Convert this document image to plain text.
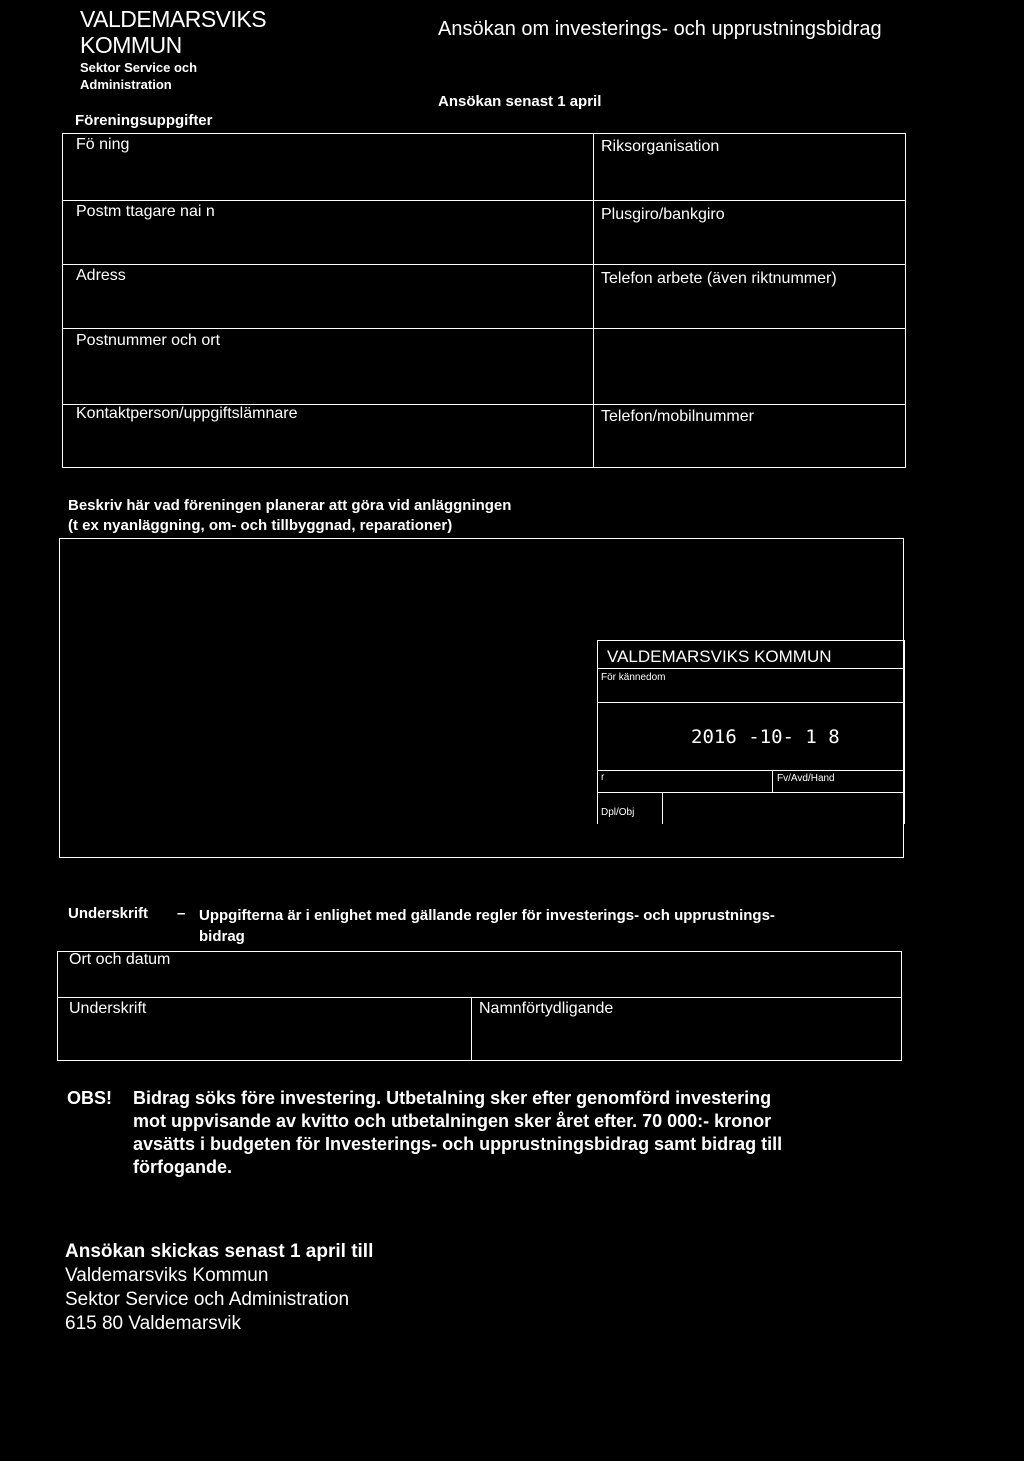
VALDEMARSVIKS
KOMMUN
Sektor Service och
Administration
Ansökan om investerings- och upprustningsbidrag
Ansökan senast 1 april
Föreningsuppgifter
Fö ning	Riksorganisation
Postm ttagare nai n	Plusgiro/bankgiro
Adress	Telefon arbete (även riktnummer)
Postnummer och ort
Kontaktperson/uppgiftslämnare	Telefon/mobilnummer
Beskriv här vad föreningen planerar att göra vid anläggningen
(t ex nyanläggning, om- och tillbyggnad, reparationer)
VALDEMARSVIKS KOMMUN
För kännedom
2016 -10- 1 8
r	Fv/Avd/Hand
Dpl/Obj
Underskrift – Uppgifterna är i enlighet med gällande regler för investerings- och upprustnings-
bidrag
Ort och datum
Underskrift	Namnförtydligande
OBS! Bidrag söks före investering. Utbetalning sker efter genomförd investering
mot uppvisande av kvitto och utbetalningen sker året efter. 70 000:- kronor
avsätts i budgeten för Investerings- och upprustningsbidrag samt bidrag till
förfogande.
Ansökan skickas senast 1 april till
Valdemarsviks Kommun
Sektor Service och Administration
615 80 Valdemarsvik
